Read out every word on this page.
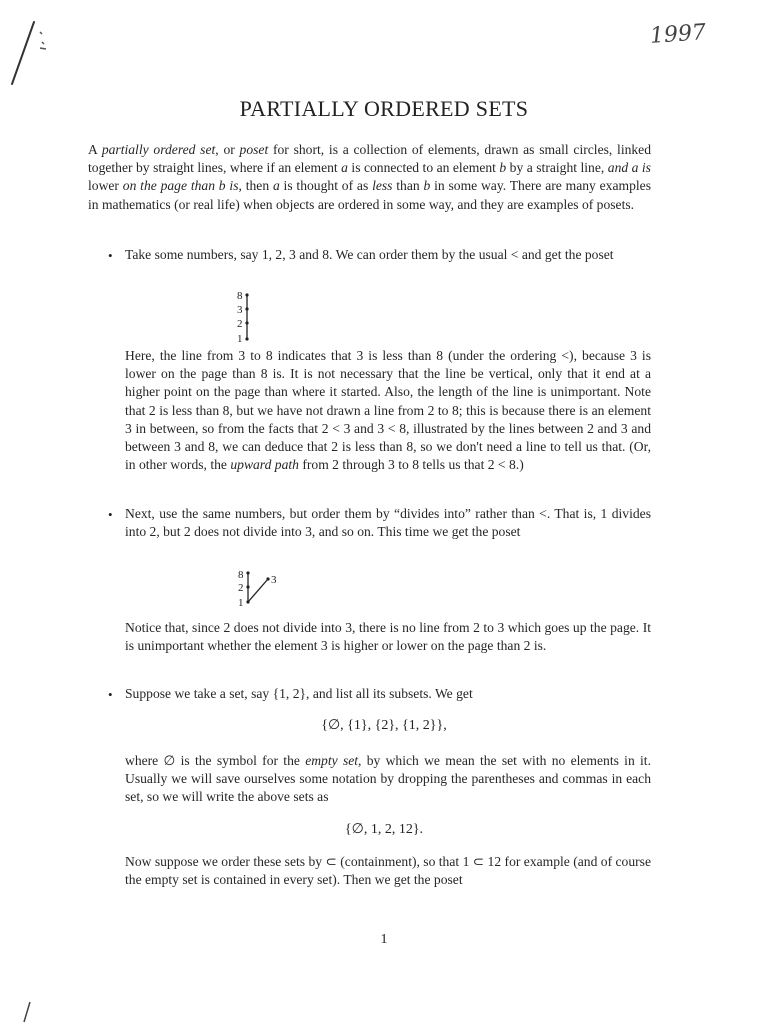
1997
PARTIALLY ORDERED SETS
A partially ordered set, or poset for short, is a collection of elements, drawn as small circles, linked together by straight lines, where if an element a is connected to an element b by a straight line, and a is lower on the page than b is, then a is thought of as less than b in some way. There are many examples in mathematics (or real life) when objects are ordered in some way, and they are examples of posets.
• Take some numbers, say 1, 2, 3 and 8. We can order them by the usual < and get the poset
8
3
2
1
Here, the line from 3 to 8 indicates that 3 is less than 8 (under the ordering <), because 3 is lower on the page than 8 is. It is not necessary that the line be vertical, only that it end at a higher point on the page than where it started. Also, the length of the line is unimportant. Note that 2 is less than 8, but we have not drawn a line from 2 to 8; this is because there is an element 3 in between, so from the facts that 2 < 3 and 3 < 8, illustrated by the lines between 2 and 3 and between 3 and 8, we can deduce that 2 is less than 8, so we don't need a line to tell us that. (Or, in other words, the upward path from 2 through 3 to 8 tells us that 2 < 8.)
• Next, use the same numbers, but order them by “divides into” rather than <. That is, 1 divides into 2, but 2 does not divide into 3, and so on. This time we get the poset
8
2
1
3
Notice that, since 2 does not divide into 3, there is no line from 2 to 3 which goes up the page. It is unimportant whether the element 3 is higher or lower on the page than 2 is.
• Suppose we take a set, say {1, 2}, and list all its subsets. We get
{∅, {1}, {2}, {1, 2}},
where ∅ is the symbol for the empty set, by which we mean the set with no elements in it. Usually we will save ourselves some notation by dropping the parentheses and commas in each set, so we will write the above sets as
{∅, 1, 2, 12}.
Now suppose we order these sets by ⊂ (containment), so that 1 ⊂ 12 for example (and of course the empty set is contained in every set). Then we get the poset
1
